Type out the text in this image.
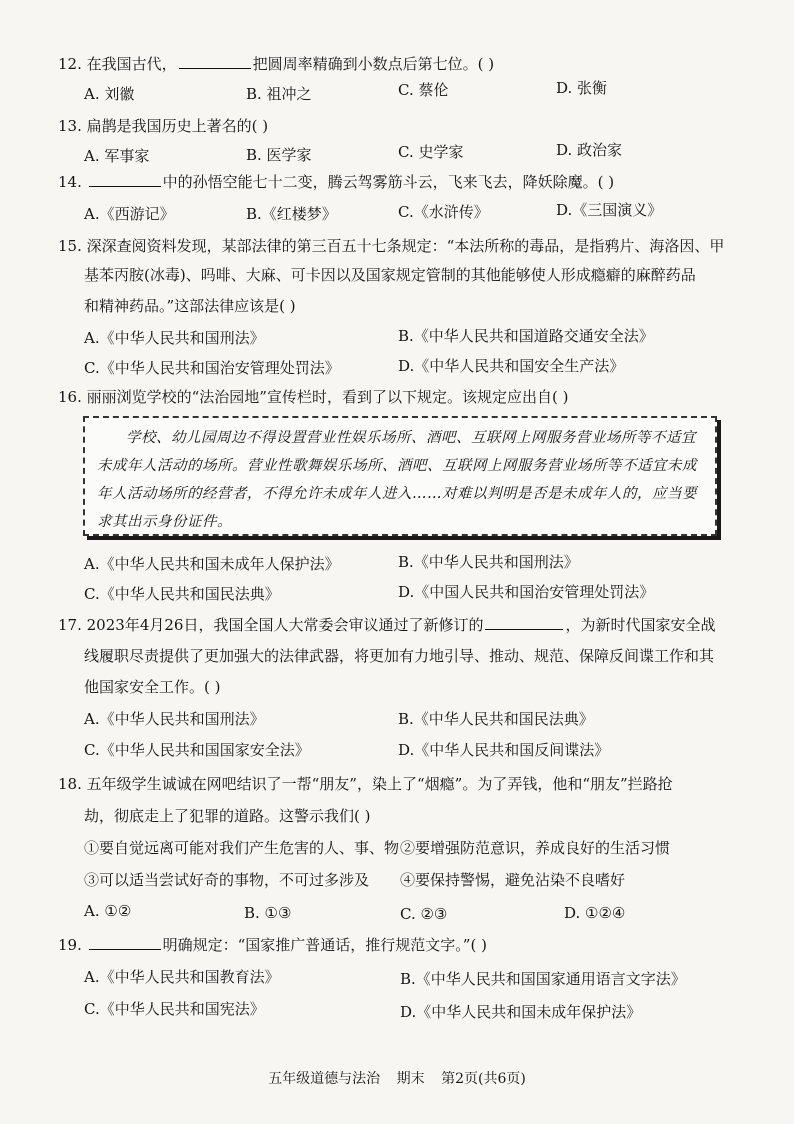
12. 在我国古代，	把圆周率精确到小数点后第七位。( )
A. 刘徽	B. 祖冲之	C. 蔡伦	D. 张衡
13. 扁鹊是我国历史上著名的( )
A. 军事家	B. 医学家	C. 史学家	D. 政治家
14.	中的孙悟空能七十二变，腾云驾雾筋斗云，飞来飞去，降妖除魔。( )
A.《西游记》	B.《红楼梦》	C.《水浒传》	D.《三国演义》
15. 深深查阅资料发现，某部法律的第三百五十七条规定：“本法所称的毒品，是指鸦片、海洛因、甲
基苯丙胺(冰毒)、吗啡、大麻、可卡因以及国家规定管制的其他能够使人形成瘾癖的麻醉药品
和精神药品。”这部法律应该是( )
A.《中华人民共和国刑法》	B.《中华人民共和国道路交通安全法》
C.《中华人民共和国治安管理处罚法》	D.《中华人民共和国安全生产法》
16. 丽丽浏览学校的“法治园地”宣传栏时，看到了以下规定。该规定应出自( )
学校、幼儿园周边不得设置营业性娱乐场所、酒吧、互联网上网服务营业场所等不适宜未成年人活动的场所。营业性歌舞娱乐场所、酒吧、互联网上网服务营业场所等不适宜未成年人活动场所的经营者，不得允许未成年人进入……对难以判明是否是未成年人的，应当要求其出示身份证件。
A.《中华人民共和国未成年人保护法》	B.《中华人民共和国刑法》
C.《中华人民共和国民法典》	D.《中国人民共和国治安管理处罚法》
17. 2023年4月26日，我国全国人大常委会审议通过了新修订的	，为新时代国家安全战
线履职尽责提供了更加强大的法律武器，将更加有力地引导、推动、规范、保障反间谍工作和其
他国家安全工作。( )
A.《中华人民共和国刑法》	B.《中华人民共和国民法典》
C.《中华人民共和国国家安全法》	D.《中华人民共和国反间谍法》
18. 五年级学生诚诚在网吧结识了一帮“朋友”，染上了“烟瘾”。为了弄钱，他和“朋友”拦路抢
劫，彻底走上了犯罪的道路。这警示我们( )
①要自觉远离可能对我们产生危害的人、事、物 ②要增强防范意识，养成良好的生活习惯
③可以适当尝试好奇的事物，不可过多涉及 ④要保持警惕，避免沾染不良嗜好
A. ①②	B. ①③	C. ②③	D. ①②④
19.	明确规定：“国家推广普通话，推行规范文字。”( )
A.《中华人民共和国教育法》	B.《中华人民共和国国家通用语言文字法》
C.《中华人民共和国宪法》	D.《中华人民共和国未成年保护法》
五年级道德与法治 期末 第2页(共6页)
